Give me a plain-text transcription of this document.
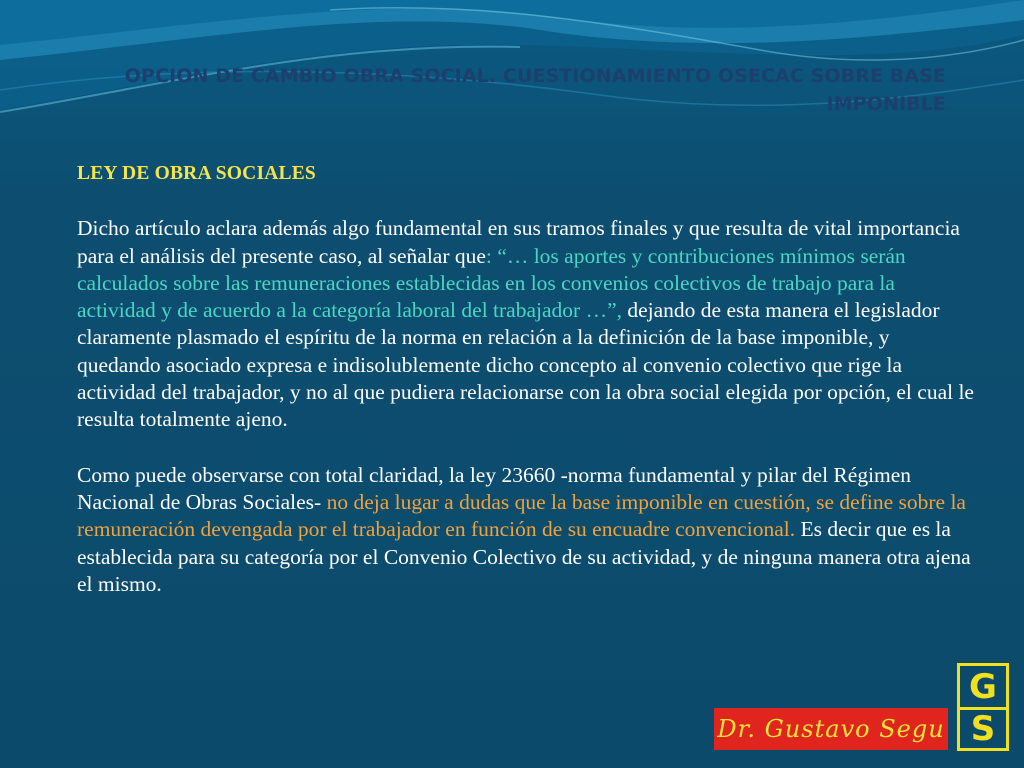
OPCION DE CAMBIO OBRA SOCIAL. CUESTIONAMIENTO OSECAC SOBRE BASE
IMPONIBLE
LEY DE OBRA SOCIALES

Dicho artículo aclara además algo fundamental en sus tramos finales y que resulta de vital importancia para el análisis del presente caso, al señalar que: “… los aportes y contribuciones mínimos serán calculados sobre las remuneraciones establecidas en los convenios colectivos de trabajo para la actividad y de acuerdo a la categoría laboral del trabajador …”, dejando de esta manera el legislador claramente plasmado el espíritu de la norma en relación a la definición de la base imponible, y quedando asociado expresa e indisolublemente dicho concepto al convenio colectivo que rige la actividad del trabajador, y no al que pudiera relacionarse con la obra social elegida por opción, el cual le resulta totalmente ajeno.

Como puede observarse con total claridad, la ley 23660 -norma fundamental y pilar del Régimen Nacional de Obras Sociales- no deja lugar a dudas que la base imponible en cuestión, se define sobre la remuneración devengada por el trabajador en función de su encuadre convencional. Es decir que es la establecida para su categoría por el Convenio Colectivo de su actividad, y de ninguna manera otra ajena el mismo.

Dr. Gustavo Segu
G
S
